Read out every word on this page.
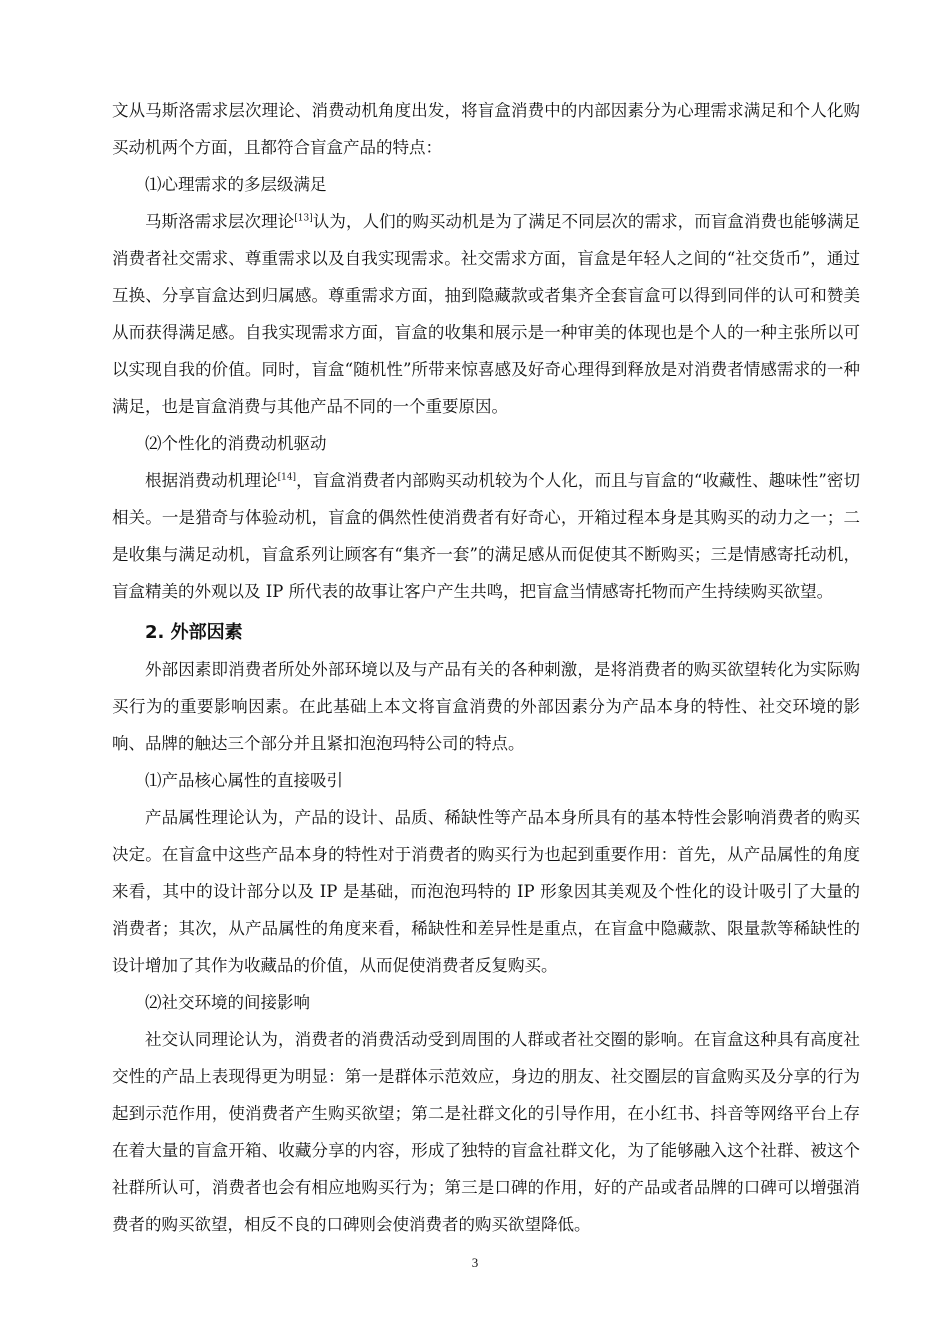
文从马斯洛需求层次理论、消费动机角度出发，将盲盒消费中的内部因素分为心理需求满足和个人化购买动机两个方面，且都符合盲盒产品的特点：

⑴心理需求的多层级满足

马斯洛需求层次理论[13]认为，人们的购买动机是为了满足不同层次的需求，而盲盒消费也能够满足消费者社交需求、尊重需求以及自我实现需求。社交需求方面，盲盒是年轻人之间的“社交货币”，通过互换、分享盲盒达到归属感。尊重需求方面，抽到隐藏款或者集齐全套盲盒可以得到同伴的认可和赞美从而获得满足感。自我实现需求方面，盲盒的收集和展示是一种审美的体现也是个人的一种主张所以可以实现自我的价值。同时，盲盒“随机性”所带来惊喜感及好奇心理得到释放是对消费者情感需求的一种满足，也是盲盒消费与其他产品不同的一个重要原因。

⑵个性化的消费动机驱动

根据消费动机理论[14]，盲盒消费者内部购买动机较为个人化，而且与盲盒的“收藏性、趣味性”密切相关。一是猎奇与体验动机，盲盒的偶然性使消费者有好奇心，开箱过程本身是其购买的动力之一；二是收集与满足动机，盲盒系列让顾客有“集齐一套”的满足感从而促使其不断购买；三是情感寄托动机，盲盒精美的外观以及 IP 所代表的故事让客户产生共鸣，把盲盒当情感寄托物而产生持续购买欲望。

2. 外部因素

外部因素即消费者所处外部环境以及与产品有关的各种刺激，是将消费者的购买欲望转化为实际购买行为的重要影响因素。在此基础上本文将盲盒消费的外部因素分为产品本身的特性、社交环境的影响、品牌的触达三个部分并且紧扣泡泡玛特公司的特点。

⑴产品核心属性的直接吸引

产品属性理论认为，产品的设计、品质、稀缺性等产品本身所具有的基本特性会影响消费者的购买决定。在盲盒中这些产品本身的特性对于消费者的购买行为也起到重要作用：首先，从产品属性的角度来看，其中的设计部分以及 IP 是基础，而泡泡玛特的 IP 形象因其美观及个性化的设计吸引了大量的消费者；其次，从产品属性的角度来看，稀缺性和差异性是重点，在盲盒中隐藏款、限量款等稀缺性的设计增加了其作为收藏品的价值，从而促使消费者反复购买。

⑵社交环境的间接影响

社交认同理论认为，消费者的消费活动受到周围的人群或者社交圈的影响。在盲盒这种具有高度社交性的产品上表现得更为明显：第一是群体示范效应，身边的朋友、社交圈层的盲盒购买及分享的行为起到示范作用，使消费者产生购买欲望；第二是社群文化的引导作用，在小红书、抖音等网络平台上存在着大量的盲盒开箱、收藏分享的内容，形成了独特的盲盒社群文化，为了能够融入这个社群、被这个社群所认可，消费者也会有相应地购买行为；第三是口碑的作用，好的产品或者品牌的口碑可以增强消费者的购买欲望，相反不良的口碑则会使消费者的购买欲望降低。

3
